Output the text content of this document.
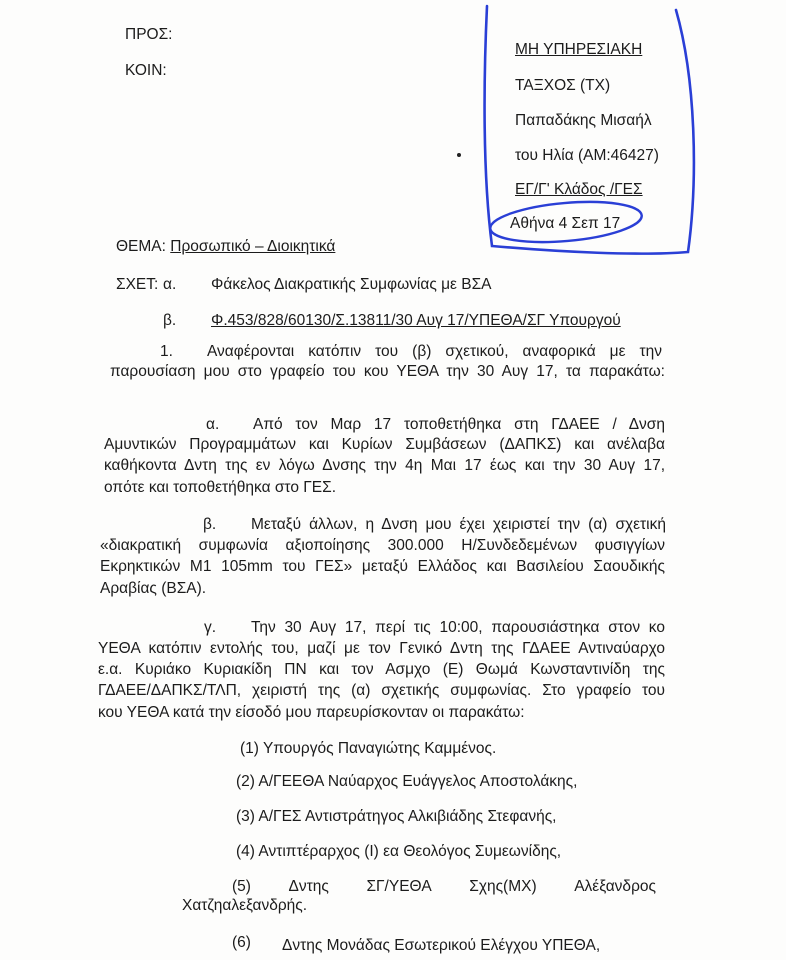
ΠΡΟΣ:
ΚΟΙΝ:
ΜΗ ΥΠΗΡΕΣΙΑΚΗ
ΤΑΞΧΟΣ (ΤΧ)
Παπαδάκης Μισαήλ
του Ηλία (ΑΜ:46427)
ΕΓ/Γ' Κλάδος /ΓΕΣ
Αθήνα 4 Σεπ 17
ΘΕΜΑ: Προσωπικό – Διοικητικά
ΣΧΕΤ: α. Φάκελος Διακρατικής Συμφωνίας με ΒΣΑ
β. Φ.453/828/60130/Σ.13811/30 Αυγ 17/ΥΠΕΘΑ/ΣΓ Υπουργού
1. Αναφέρονται κατόπιν του (β) σχετικού, αναφορικά με την
παρουσίαση μου στο γραφείο του κου ΥΕΘΑ την 30 Αυγ 17, τα παρακάτω:
α. Από τον Μαρ 17 τοποθετήθηκα στη ΓΔΑΕΕ / Δνση
Αμυντικών Προγραμμάτων και Κυρίων Συμβάσεων (ΔΑΠΚΣ) και ανέλαβα
καθήκοντα Δντη της εν λόγω Δνσης την 4η Μαι 17 έως και την 30 Αυγ 17,
οπότε και τοποθετήθηκα στο ΓΕΣ.
β. Μεταξύ άλλων, η Δνση μου έχει χειριστεί την (α) σχετική
«διακρατική συμφωνία αξιοποίησης 300.000 Η/Συνδεδεμένων φυσιγγίων
Εκρηκτικών Μ1 105mm του ΓΕΣ» μεταξύ Ελλάδος και Βασιλείου Σαουδικής
Αραβίας (ΒΣΑ).
γ. Την 30 Αυγ 17, περί τις 10:00, παρουσιάστηκα στον κο
ΥΕΘΑ κατόπιν εντολής του, μαζί με τον Γενικό Δντη της ΓΔΑΕΕ Αντιναύαρχο
ε.α. Κυριάκο Κυριακίδη ΠΝ και τον Ασμχο (Ε) Θωμά Κωνσταντινίδη της
ΓΔΑΕΕ/ΔΑΠΚΣ/ΤΛΠ, χειριστή της (α) σχετικής συμφωνίας. Στο γραφείο του
κου ΥΕΘΑ κατά την είσοδό μου παρευρίσκονταν οι παρακάτω:
(1) Υπουργός Παναγιώτης Καμμένος.
(2) Α/ΓΕΕΘΑ Ναύαρχος Ευάγγελος Αποστολάκης,
(3) Α/ΓΕΣ Αντιστράτηγος Αλκιβιάδης Στεφανής,
(4) Αντιπτέραρχος (Ι) εα Θεολόγος Συμεωνίδης,
(5) Δντης ΣΓ/ΥΕΘΑ Σχης(ΜΧ) Αλέξανδρος
Χατζηαλεξανδρής.
(6) Δντης Μονάδας Εσωτερικού Ελέγχου ΥΠΕΘΑ,
